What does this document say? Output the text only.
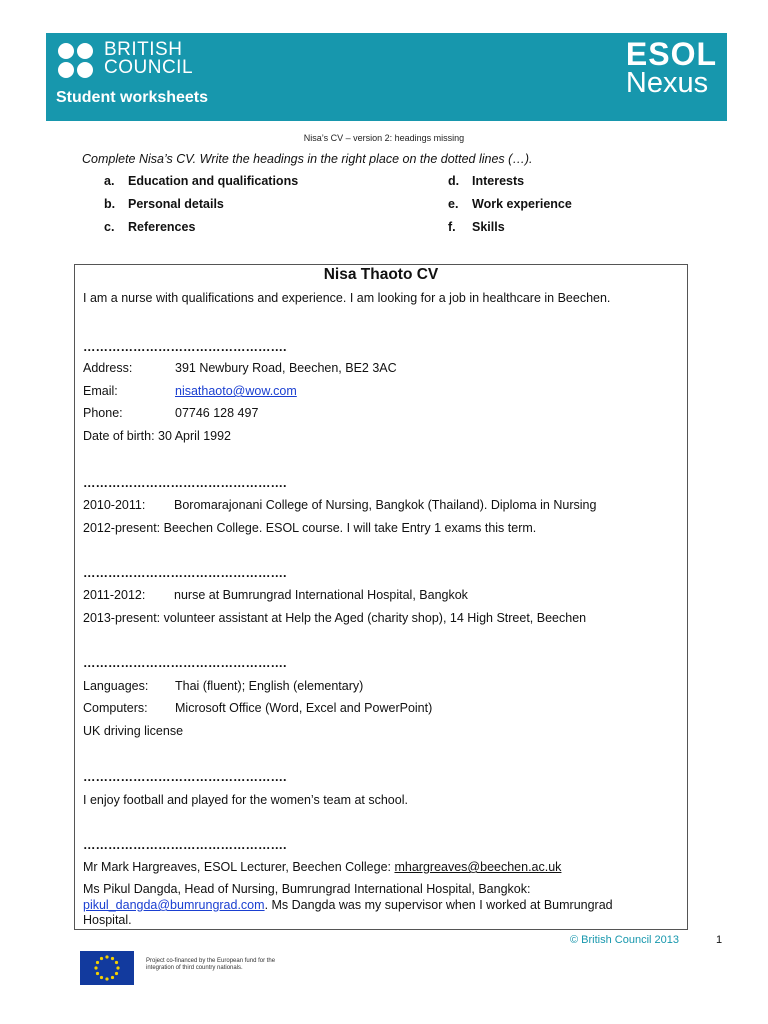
BRITISH
COUNCIL
Student worksheets
ESOL
Nexus
Nisa’s CV – version 2: headings missing
Complete Nisa’s CV. Write the headings in the right place on the dotted lines (…).
a. Education and qualifications
b. Personal details
c. References
d. Interests
e. Work experience
f. Skills
Nisa Thaoto CV
I am a nurse with qualifications and experience. I am looking for a job in healthcare in Beechen.
………………………………………….
Address:	391 Newbury Road, Beechen, BE2 3AC
Email:	nisathaoto@wow.com
Phone:	07746 128 497
Date of birth: 30 April 1992
………………………………………….
2010-2011: Boromarajonani College of Nursing, Bangkok (Thailand). Diploma in Nursing
2012-present: Beechen College. ESOL course. I will take Entry 1 exams this term.
………………………………………….
2011-2012: nurse at Bumrungrad International Hospital, Bangkok
2013-present: volunteer assistant at Help the Aged (charity shop), 14 High Street, Beechen
………………………………………….
Languages: Thai (fluent); English (elementary)
Computers: Microsoft Office (Word, Excel and PowerPoint)
UK driving license
………………………………………….
I enjoy football and played for the women’s team at school.
………………………………………….
Mr Mark Hargreaves, ESOL Lecturer, Beechen College: mhargreaves@beechen.ac.uk
Ms Pikul Dangda, Head of Nursing, Bumrungrad International Hospital, Bangkok:
pikul_dangda@bumrungrad.com. Ms Dangda was my supervisor when I worked at Bumrungrad
Hospital.
© British Council 2013	1
Project co-financed by the European fund for the integration of third country nationals.
